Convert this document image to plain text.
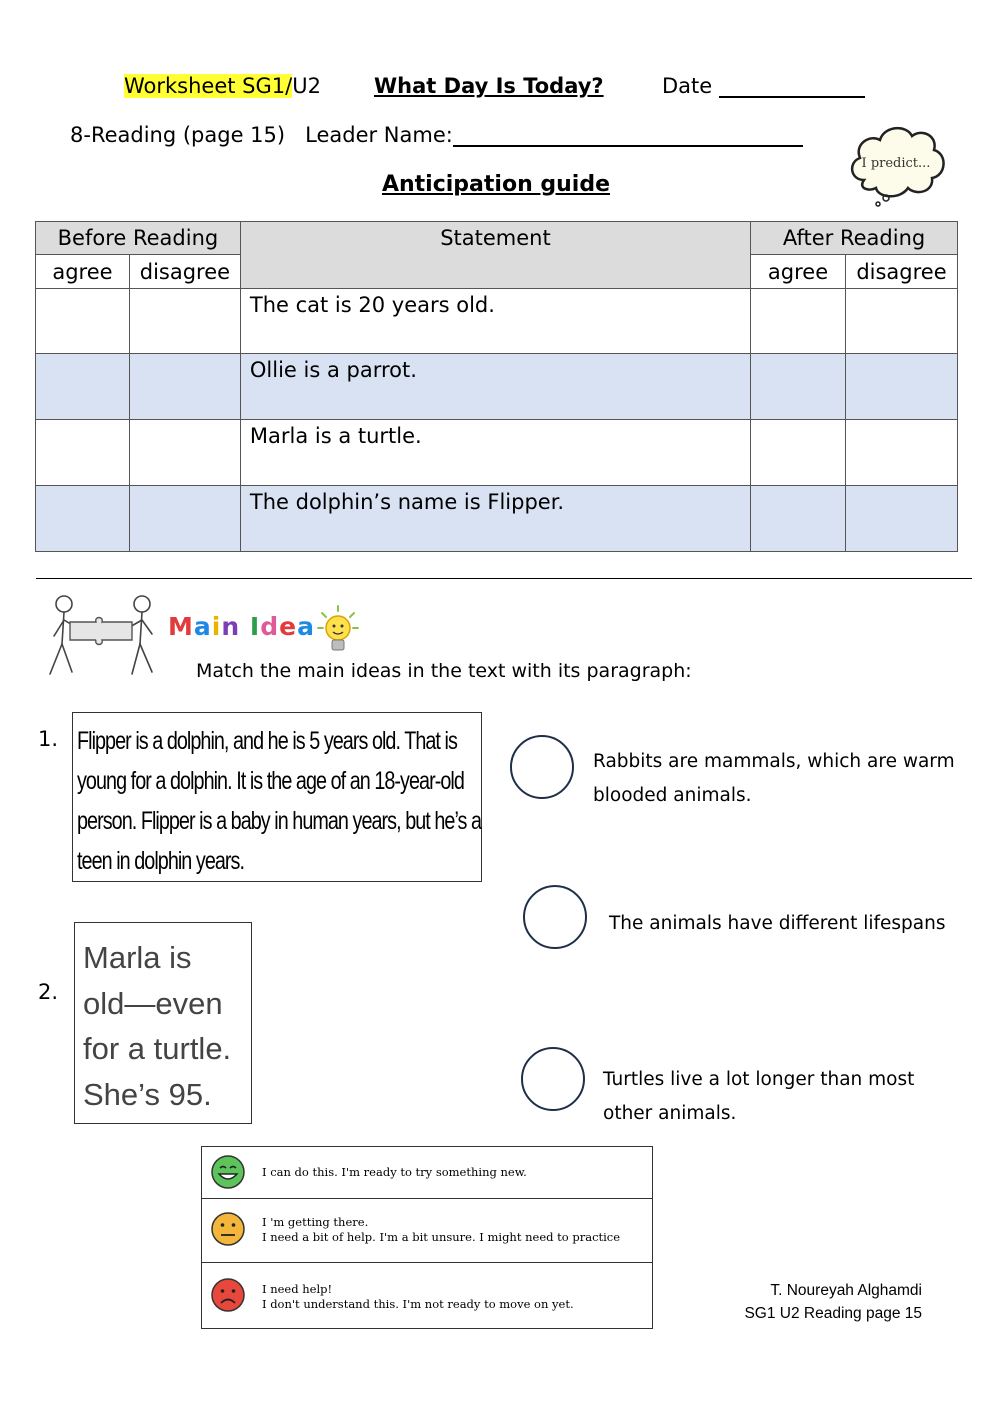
Worksheet SG1/U2	What Day Is Today?	Date
8-Reading (page 15) Leader Name:
Anticipation guide
I predict...
Before Reading		Statement	After Reading	
agree	disagree		agree	disagree
		The cat is 20 years old.		
		Ollie is a parrot.		
		Marla is a turtle.		
		The dolphin’s name is Flipper.		
Main Idea
Match the main ideas in the text with its paragraph:
1. Flipper is a dolphin, and he is 5 years old. That is
young for a dolphin. It is the age of an 18-year-old
person. Flipper is a baby in human years, but he’s a
teen in dolphin years.
2.
Marla is
old—even
for a turtle.
She’s 95.
Rabbits are mammals, which are warm
blooded animals.
The animals have different lifespans
Turtles live a lot longer than most
other animals.
I can do this. I'm ready to try something new.
I 'm getting there.
I need a bit of help. I'm a bit unsure. I might need to practice
I need help!
I don't understand this. I'm not ready to move on yet.
T. Noureyah Alghamdi
SG1 U2 Reading page 15
